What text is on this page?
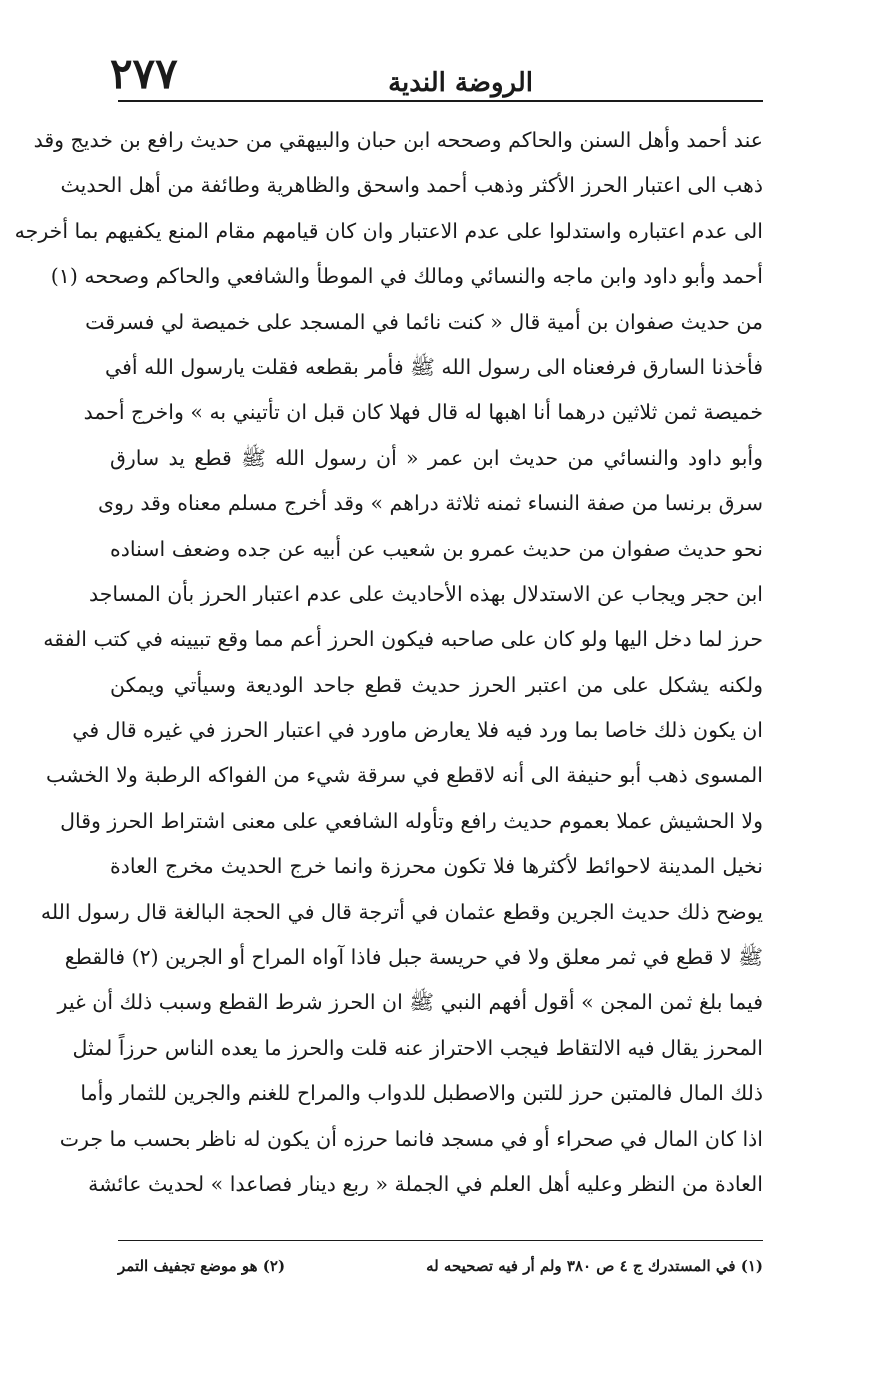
الروضة الندية
٢٧٧
عند أحمد وأهل السنن والحاكم وصححه ابن حبان والبيهقي من حديث رافع بن خديج وقد
ذهب الى اعتبار الحرز الأكثر وذهب أحمد واسحق والظاهرية وطائفة من أهل الحديث
الى عدم اعتباره واستدلوا على عدم الاعتبار وان كان قيامهم مقام المنع يكفيهم بما أخرجه
أحمد وأبو داود وابن ماجه والنسائي ومالك في الموطأ والشافعي والحاكم وصححه (١)
من حديث صفوان بن أمية قال « كنت نائما في المسجد على خميصة لي فسرقت
فأخذنا السارق فرفعناه الى رسول الله ﷺ فأمر بقطعه فقلت يارسول الله أفي
خميصة ثمن ثلاثين درهما أنا اهبها له قال فهلا كان قبل ان تأتيني به » واخرج أحمد
وأبو داود والنسائي من حديث ابن عمر « أن رسول الله ﷺ قطع يد سارق
سرق برنسا من صفة النساء ثمنه ثلاثة دراهم » وقد أخرج مسلم معناه وقد روى
نحو حديث صفوان من حديث عمرو بن شعيب عن أبيه عن جده وضعف اسناده
ابن حجر ويجاب عن الاستدلال بهذه الأحاديث على عدم اعتبار الحرز بأن المساجد
حرز لما دخل اليها ولو كان على صاحبه فيكون الحرز أعم مما وقع تبيينه في كتب الفقه
ولكنه يشكل على من اعتبر الحرز حديث قطع جاحد الوديعة وسيأتي ويمكن
ان يكون ذلك خاصا بما ورد فيه فلا يعارض ماورد في اعتبار الحرز في غيره قال في
المسوى ذهب أبو حنيفة الى أنه لاقطع في سرقة شيء من الفواكه الرطبة ولا الخشب
ولا الحشيش عملا بعموم حديث رافع وتأوله الشافعي على معنى اشتراط الحرز وقال
نخيل المدينة لاحوائط لأكثرها فلا تكون محرزة وانما خرج الحديث مخرج العادة
يوضح ذلك حديث الجرين وقطع عثمان في أترجة قال في الحجة البالغة قال رسول الله
ﷺ لا قطع في ثمر معلق ولا في حريسة جبل فاذا آواه المراح أو الجرين (٢) فالقطع
فيما بلغ ثمن المجن » أقول أفهم النبي ﷺ ان الحرز شرط القطع وسبب ذلك أن غير
المحرز يقال فيه الالتقاط فيجب الاحتراز عنه قلت والحرز ما يعده الناس حرزاً لمثل
ذلك المال فالمتبن حرز للتبن والاصطبل للدواب والمراح للغنم والجرين للثمار وأما
اذا كان المال في صحراء أو في مسجد فانما حرزه أن يكون له ناظر بحسب ما جرت
العادة من النظر وعليه أهل العلم في الجملة « ربع دينار فصاعدا » لحديث عائشة
(١) في المستدرك ج ٤ ص ٣٨٠ ولم أر فيه تصحيحه له
(٢) هو موضع تجفيف التمر
